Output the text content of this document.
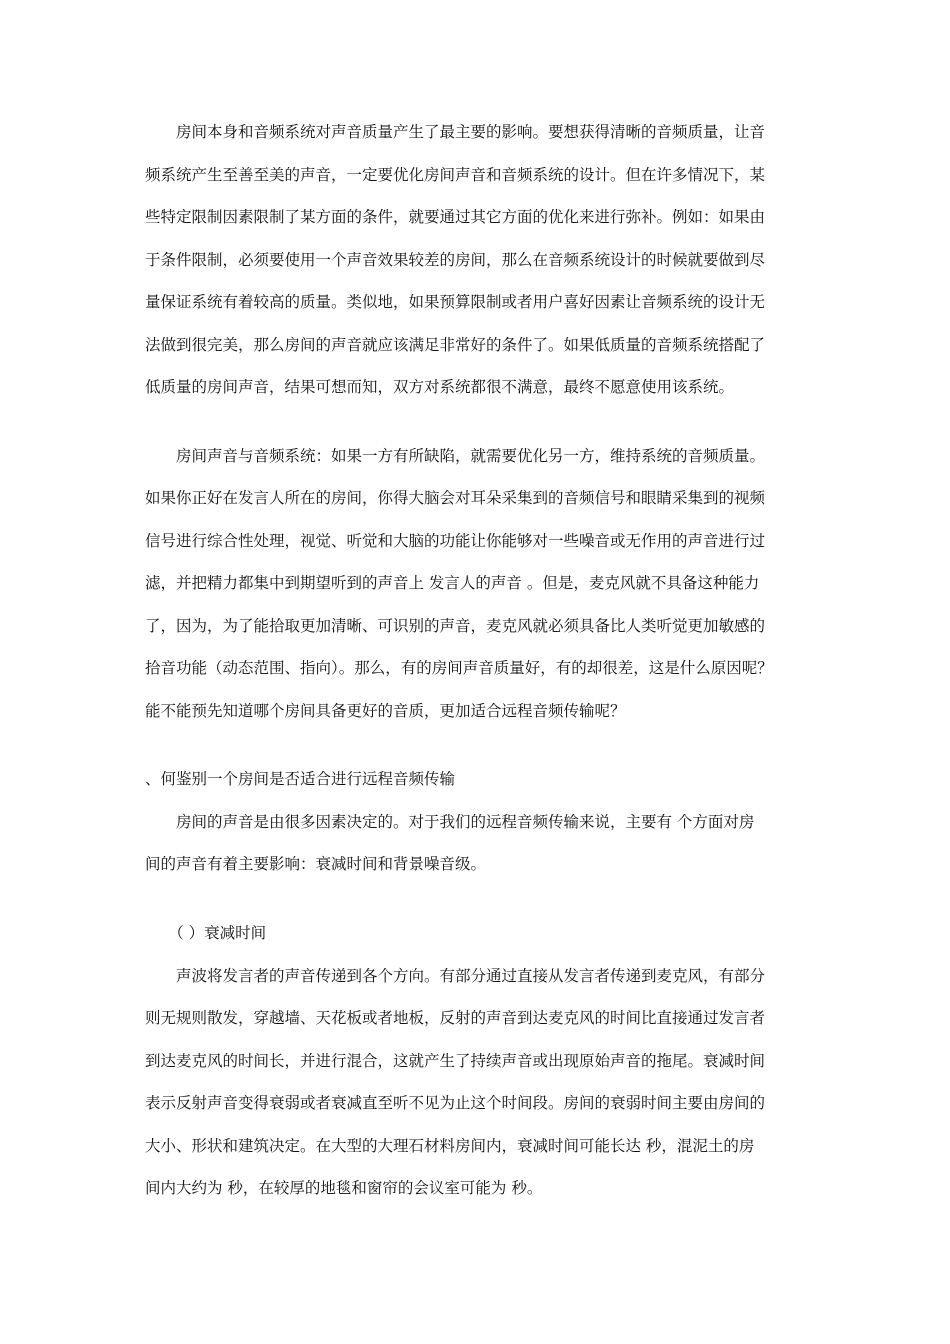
　　房间本身和音频系统对声音质量产生了最主要的影响。要想获得清晰的音频质量，让音
频系统产生至善至美的声音，一定要优化房间声音和音频系统的设计。但在许多情况下，某
些特定限制因素限制了某方面的条件，就要通过其它方面的优化来进行弥补。例如：如果由
于条件限制，必须要使用一个声音效果较差的房间，那么在音频系统设计的时候就要做到尽
量保证系统有着较高的质量。类似地，如果预算限制或者用户喜好因素让音频系统的设计无
法做到很完美，那么房间的声音就应该满足非常好的条件了。如果低质量的音频系统搭配了
低质量的房间声音，结果可想而知，双方对系统都很不满意，最终不愿意使用该系统。
　　房间声音与音频系统：如果一方有所缺陷，就需要优化另一方，维持系统的音频质量。
如果你正好在发言人所在的房间，你得大脑会对耳朵采集到的音频信号和眼睛采集到的视频
信号进行综合性处理，视觉、听觉和大脑的功能让你能够对一些噪音或无作用的声音进行过
滤，并把精力都集中到期望听到的声音上 发言人的声音 。但是，麦克风就不具备这种能力
了，因为，为了能拾取更加清晰、可识别的声音，麦克风就必须具备比人类听觉更加敏感的
拾音功能（动态范围、指向）。那么，有的房间声音质量好，有的却很差，这是什么原因呢？
能不能预先知道哪个房间具备更好的音质，更加适合远程音频传输呢？
、何鉴别一个房间是否适合进行远程音频传输
　　房间的声音是由很多因素决定的。对于我们的远程音频传输来说，主要有 个方面对房
间的声音有着主要影响：衰减时间和背景噪音级。
　　（ ）衰减时间
　　声波将发言者的声音传递到各个方向。有部分通过直接从发言者传递到麦克风，有部分
则无规则散发，穿越墙、天花板或者地板，反射的声音到达麦克风的时间比直接通过发言者
到达麦克风的时间长，并进行混合，这就产生了持续声音或出现原始声音的拖尾。衰减时间
表示反射声音变得衰弱或者衰减直至听不见为止这个时间段。房间的衰弱时间主要由房间的
大小、形状和建筑决定。在大型的大理石材料房间内，衰减时间可能长达 秒，混泥土的房
间内大约为 秒，在较厚的地毯和窗帘的会议室可能为 秒。
